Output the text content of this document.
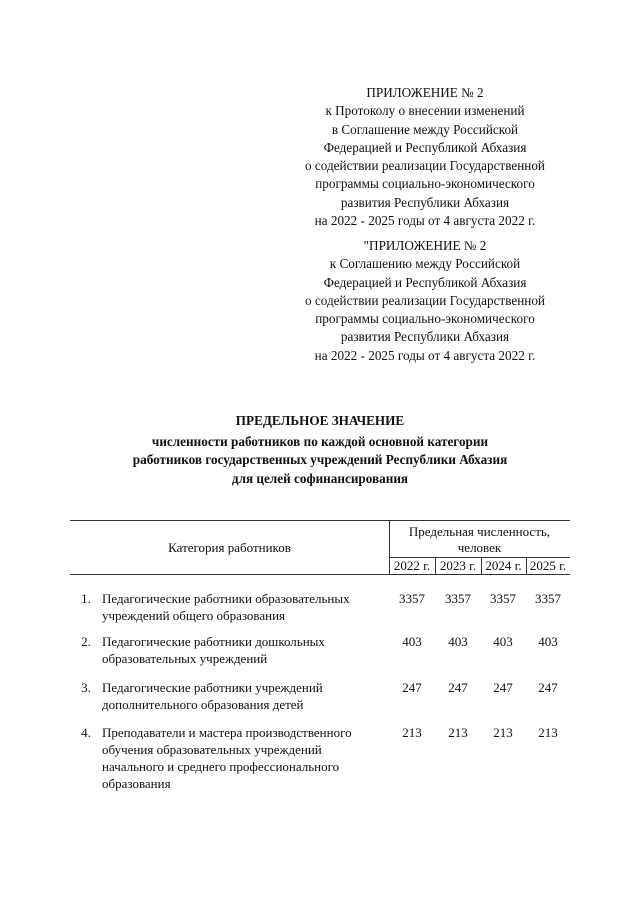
ПРИЛОЖЕНИЕ № 2
к Протоколу о внесении изменений
в Соглашение между Российской
Федерацией и Республикой Абхазия
о содействии реализации Государственной
программы социально-экономического
развития Республики Абхазия
на 2022 - 2025 годы от 4 августа 2022 г.
"ПРИЛОЖЕНИЕ № 2
к Соглашению между Российской
Федерацией и Республикой Абхазия
о содействии реализации Государственной
программы социально-экономического
развития Республики Абхазия
на 2022 - 2025 годы от 4 августа 2022 г.
ПРЕДЕЛЬНОЕ ЗНАЧЕНИЕ
численности работников по каждой основной категории
работников государственных учреждений Республики Абхазия
для целей софинансирования
Категория работников
Предельная численность,
человек
2022 г. 2023 г. 2024 г. 2025 г.
1. Педагогические работники образовательных
учреждений общего образования
3357	3357	3357	3357
2. Педагогические работники дошкольных
образовательных учреждений
403	403	403	403
3. Педагогические работники учреждений
дополнительного образования детей
247	247	247	247
4. Преподаватели и мастера производственного
обучения образовательных учреждений
начального и среднего профессионального
образования
213	213	213	213
